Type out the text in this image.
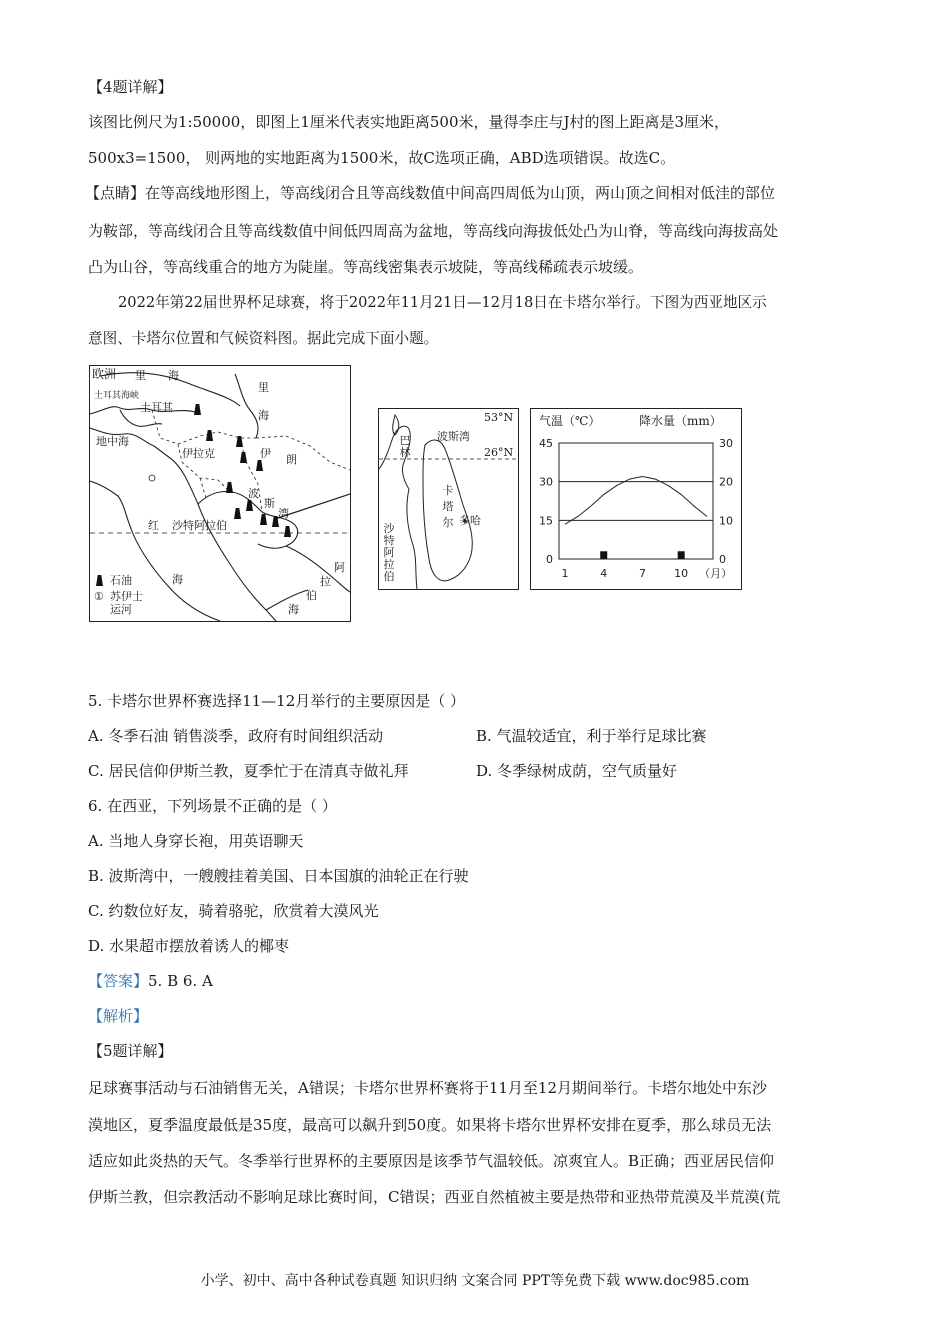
【4题详解】
该图比例尺为1:50000，即图上1厘米代表实地距离500米，量得李庄与J村的图上距离是3厘米，
500x3=1500， 则两地的实地距离为1500米，故C选项正确，ABD选项错误。故选C。
【点睛】在等高线地形图上，等高线闭合且等高线数值中间高四周低为山顶，两山顶之间相对低洼的部位
为鞍部，等高线闭合且等高线数值中间低四周高为盆地，等高线向海拔低处凸为山脊，等高线向海拔高处
凸为山谷，等高线重合的地方为陡崖。等高线密集表示坡陡，等高线稀疏表示坡缓。
2022年第22届世界杯足球赛，将于2022年11月21日—12月18日在卡塔尔举行。下图为西亚地区示
意图、卡塔尔位置和气候资料图。据此完成下面小题。
欧洲 里 海
土耳其海峡
土耳其
里
海
地中海
伊拉克	伊 朗
波
斯
湾
沙特阿拉伯
红
海
阿
拉
伯
海
石油
① 苏伊士
运河
53°N
26°N
巴林
波斯湾
卡塔尔 多哈
沙特阿拉伯
气温（℃）	降水量（mm）
0
15
30
45
0
10
20
30
1	4	7	10 （月）
5. 卡塔尔世界杯赛选择11—12月举行的主要原因是（ ）
A. 冬季石油 销售淡季，政府有时间组织活动	B. 气温较适宜，利于举行足球比赛
C. 居民信仰伊斯兰教，夏季忙于在清真寺做礼拜	D. 冬季绿树成荫，空气质量好
6. 在西亚，下列场景不正确的是（ ）
A. 当地人身穿长袍，用英语聊天
B. 波斯湾中，一艘艘挂着美国、日本国旗的油轮正在行驶
C. 约数位好友，骑着骆驼，欣赏着大漠风光
D. 水果超市摆放着诱人的椰枣
【答案】5. B 6. A
【解析】
【5题详解】
足球赛事活动与石油销售无关，A错误；卡塔尔世界杯赛将于11月至12月期间举行。卡塔尔地处中东沙
漠地区，夏季温度最低是35度，最高可以飙升到50度。如果将卡塔尔世界杯安排在夏季，那么球员无法
适应如此炎热的天气。冬季举行世界杯的主要原因是该季节气温较低。凉爽宜人。B正确；西亚居民信仰
伊斯兰教，但宗教活动不影响足球比赛时间，C错误；西亚自然植被主要是热带和亚热带荒漠及半荒漠(荒
小学、初中、高中各种试卷真题 知识归纳 文案合同 PPT等免费下载 www.doc985.com
